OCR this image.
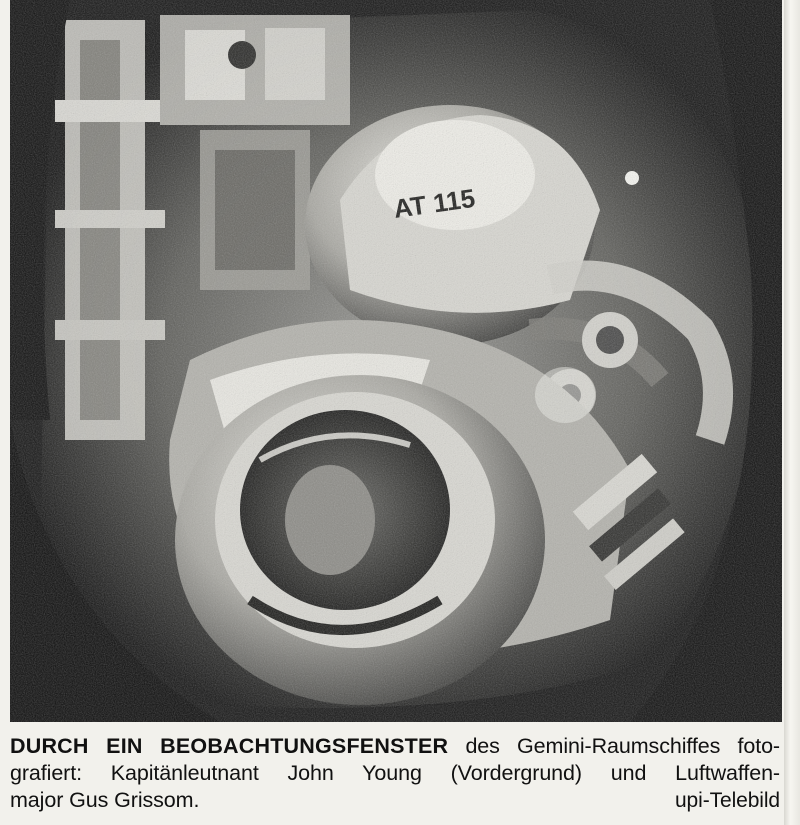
DURCH EIN BEOBACHTUNGSFENSTER des Gemini-Raumschiffes foto-
grafiert: Kapitänleutnant John Young (Vordergrund) und Luftwaffen-
major Gus Grissom.	upi-Telebild
